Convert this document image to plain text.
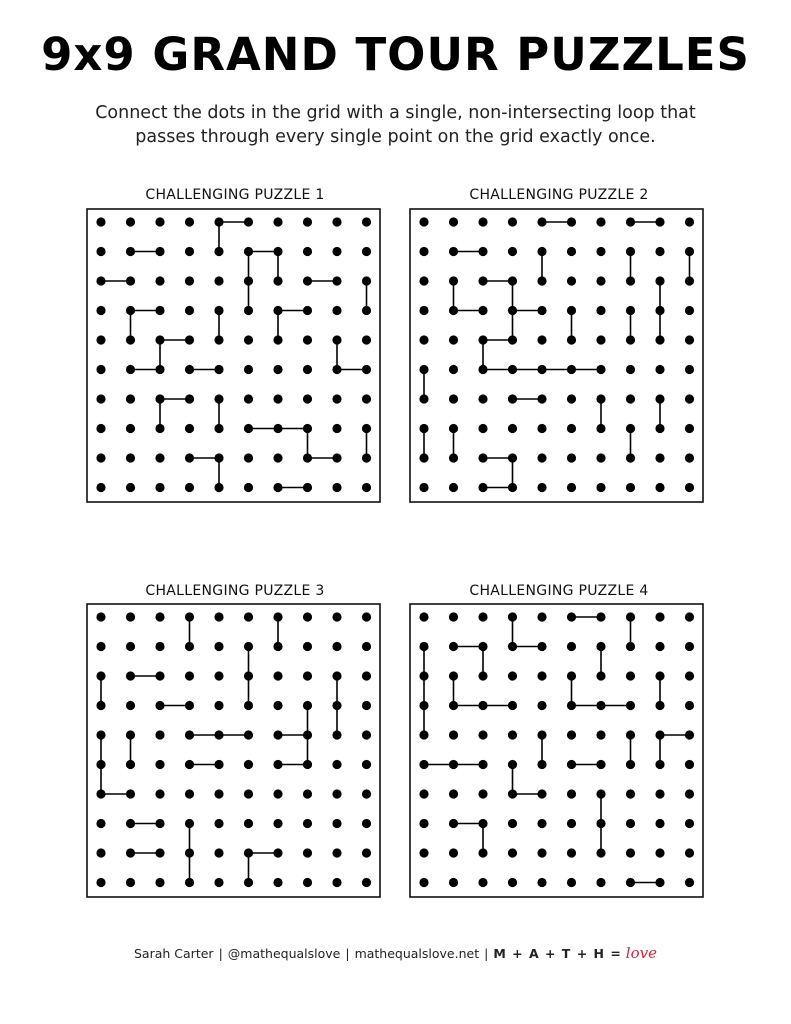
9x9 GRAND TOUR PUZZLES
Connect the dots in the grid with a single, non-intersecting loop that
passes through every single point on the grid exactly once.
CHALLENGING PUZZLE 1	CHALLENGING PUZZLE 2
CHALLENGING PUZZLE 3	CHALLENGING PUZZLE 4
Sarah Carter | @mathequalslove | mathequalslove.net | M + A + T + H = love
